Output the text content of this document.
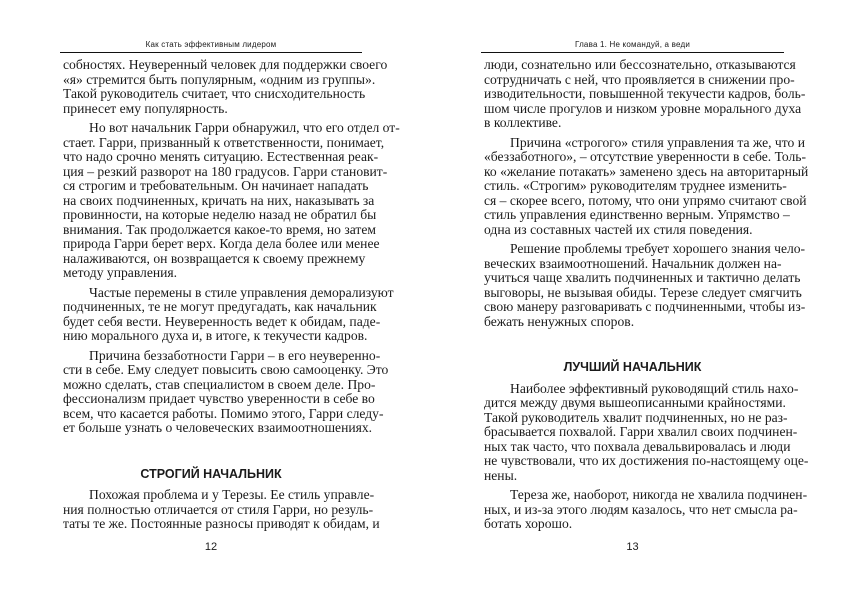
Как стать эффективным лидером
собностях. Неуверенный человек для поддержки своего
«я» стремится быть популярным, «одним из группы».
Такой руководитель считает, что снисходительность
принесет ему популярность.
Но вот начальник Гарри обнаружил, что его отдел от-
стает. Гарри, призванный к ответственности, понимает,
что надо срочно менять ситуацию. Естественная реак-
ция – резкий разворот на 180 градусов. Гарри становит-
ся строгим и требовательным. Он начинает нападать
на своих подчиненных, кричать на них, наказывать за
провинности, на которые неделю назад не обратил бы
внимания. Так продолжается какое-то время, но затем
природа Гарри берет верх. Когда дела более или менее
налаживаются, он возвращается к своему прежнему
методу управления.
Частые перемены в стиле управления деморализуют
подчиненных, те не могут предугадать, как начальник
будет себя вести. Неуверенность ведет к обидам, паде-
нию морального духа и, в итоге, к текучести кадров.
Причина беззаботности Гарри – в его неувереннo-
сти в себе. Ему следует повысить свою самооценку. Это
можно сделать, став специалистом в своем деле. Про-
фессионализм придает чувство уверенности в себе во
всем, что касается работы. Помимо этого, Гарри следу-
ет больше узнать о человеческих взаимоотношениях.
СТРОГИЙ НАЧАЛЬНИК
Похожая проблема и у Терезы. Ее стиль управле-
ния полностью отличается от стиля Гарри, но резуль-
таты те же. Постоянные разносы приводят к обидам, и
12
Глава 1. Не командуй, а веди
люди, сознательно или бессознательно, отказываются
сотрудничать с ней, что проявляется в снижении про-
изводительности, повышенной текучести кадров, боль-
шом числе прогулов и низком уровне морального духа
в коллективе.
Причина «строгого» стиля управления та же, что и
«беззаботного», – отсутствие уверенности в себе. Толь-
ко «желание потакать» заменено здесь на авторитарный
стиль. «Строгим» руководителям труднее изменить-
ся – скорее всего, потому, что они упрямо считают свой
стиль управления единственно верным. Упрямство –
одна из составных частей их стиля поведения.
Решение проблемы требует хорошего знания чело-
веческих взаимоотношений. Начальник должен на-
учиться чаще хвалить подчиненных и тактично делать
выговоры, не вызывая обиды. Терезе следует смягчить
свою манеру разговаривать с подчиненными, чтобы из-
бежать ненужных споров.
ЛУЧШИЙ НАЧАЛЬНИК
Наиболее эффективный руководящий стиль нахо-
дится между двумя вышеописанными крайностями.
Такой руководитель хвалит подчиненных, но не раз-
брасывается похвалой. Гарри хвалил своих подчинен-
ных так часто, что похвала девальвировалась и люди
не чувствовали, что их достижения по-настоящему оце-
нены.
Тереза же, наоборот, никогда не хвалила подчинен-
ных, и из-за этого людям казалось, что нет смысла ра-
ботать хорошо.
13
